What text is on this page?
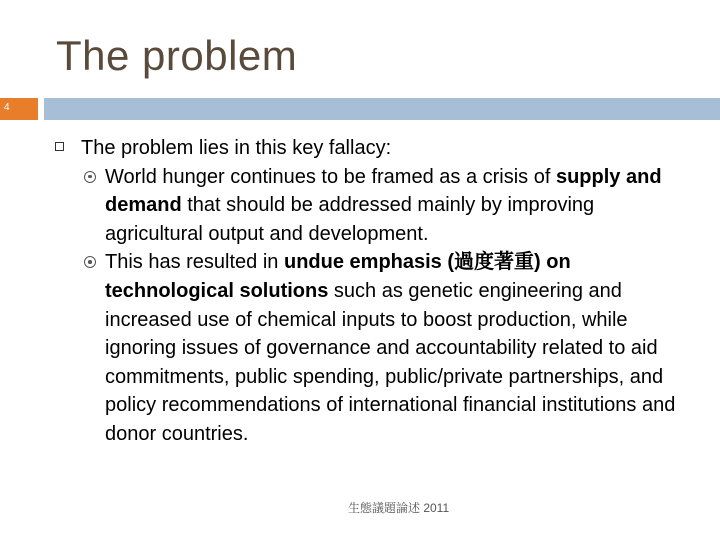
The problem
4
The problem lies in this key fallacy:
World hunger continues to be framed as a crisis of supply and demand that should be addressed mainly by improving agricultural output and development.
This has resulted in undue emphasis (過度著重) on technological solutions such as genetic engineering and increased use of chemical inputs to boost production, while ignoring issues of governance and accountability related to aid commitments, public spending, public/private partnerships, and policy recommendations of international financial institutions and donor countries.
生態議題論述 2011
